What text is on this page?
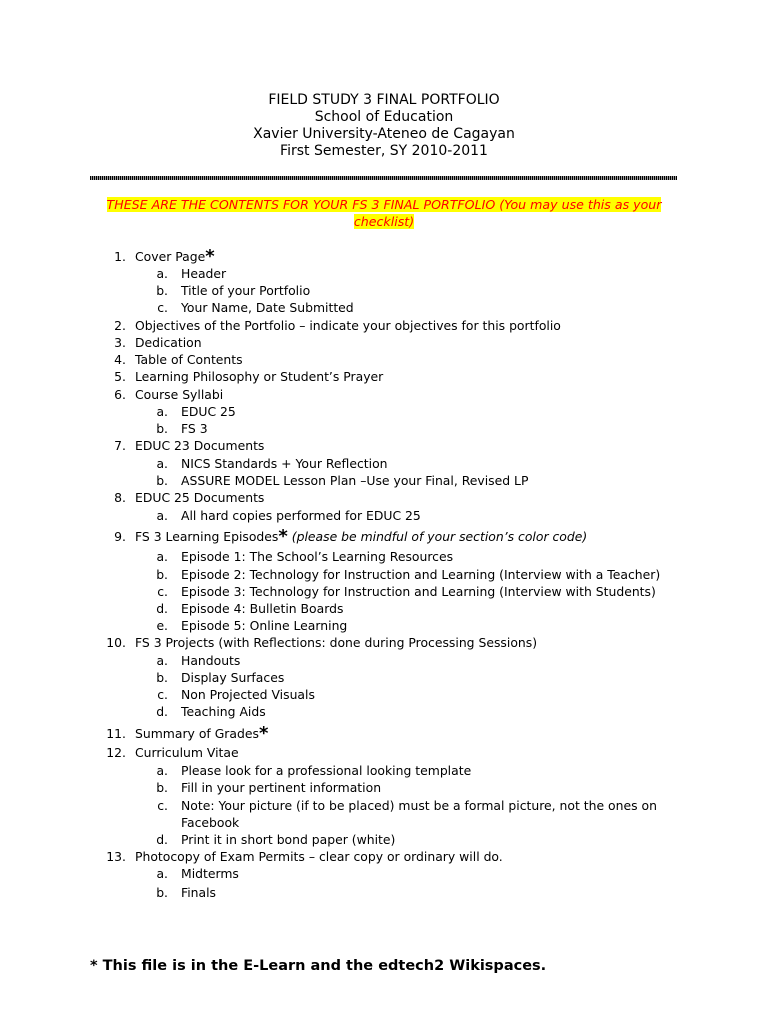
FIELD STUDY 3 FINAL PORTFOLIO
School of Education
Xavier University-Ateneo de Cagayan
First Semester, SY 2010-2011
THESE ARE THE CONTENTS FOR YOUR FS 3 FINAL PORTFOLIO (You may use this as your checklist)
1. Cover Page*
a. Header
b. Title of your Portfolio
c. Your Name, Date Submitted
2. Objectives of the Portfolio – indicate your objectives for this portfolio
3. Dedication
4. Table of Contents
5. Learning Philosophy or Student’s Prayer
6. Course Syllabi
a. EDUC 25
b. FS 3
7. EDUC 23 Documents
a. NICS Standards + Your Reflection
b. ASSURE MODEL Lesson Plan –Use your Final, Revised LP
8. EDUC 25 Documents
a. All hard copies performed for EDUC 25
9. FS 3 Learning Episodes* (please be mindful of your section’s color code)
a. Episode 1: The School’s Learning Resources
b. Episode 2: Technology for Instruction and Learning (Interview with a Teacher)
c. Episode 3: Technology for Instruction and Learning (Interview with Students)
d. Episode 4: Bulletin Boards
e. Episode 5: Online Learning
10. FS 3 Projects (with Reflections: done during Processing Sessions)
a. Handouts
b. Display Surfaces
c. Non Projected Visuals
d. Teaching Aids
11. Summary of Grades*
12. Curriculum Vitae
a. Please look for a professional looking template
b. Fill in your pertinent information
c. Note: Your picture (if to be placed) must be a formal picture, not the ones on
Facebook
d. Print it in short bond paper (white)
13. Photocopy of Exam Permits – clear copy or ordinary will do.
a. Midterms
b. Finals
* This file is in the E-Learn and the edtech2 Wikispaces.
